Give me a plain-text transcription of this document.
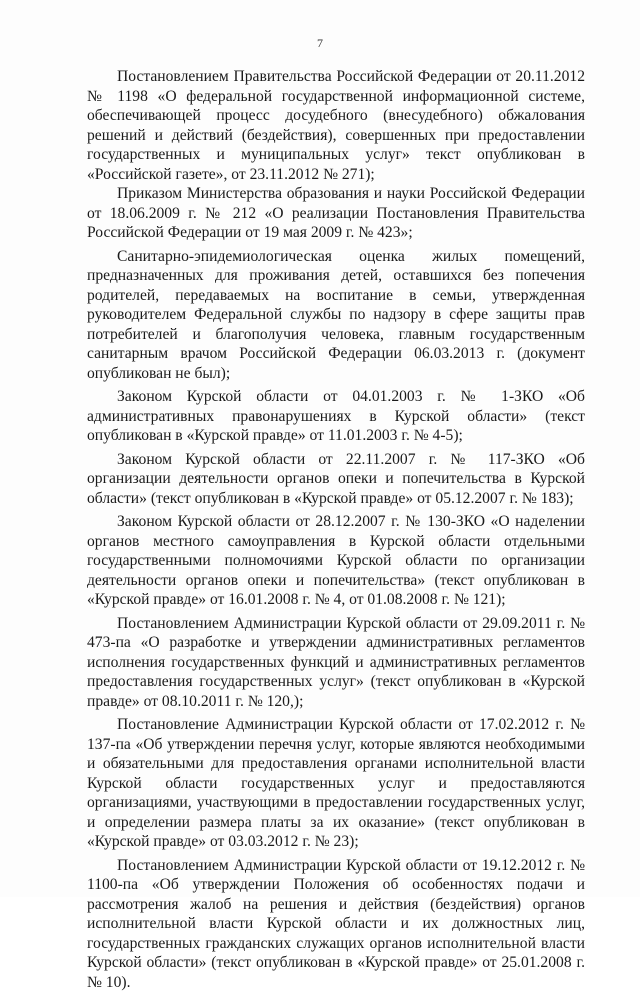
7

Постановлением Правительства Российской Федерации от 20.11.2012 № 1198 «О федеральной государственной информационной системе, обеспечивающей процесс досудебного (внесудебного) обжалования решений и действий (бездействия), совершенных при предоставлении государственных и муниципальных услуг» текст опубликован в «Российской газете», от 23.11.2012 № 271);

Приказом Министерства образования и науки Российской Федерации от 18.06.2009 г. № 212 «О реализации Постановления Правительства Российской Федерации от 19 мая 2009 г. № 423»;

Санитарно-эпидемиологическая оценка жилых помещений, предназначенных для проживания детей, оставшихся без попечения родителей, передаваемых на воспитание в семьи, утвержденная руководителем Федеральной службы по надзору в сфере защиты прав потребителей и благополучия человека, главным государственным санитарным врачом Российской Федерации 06.03.2013 г. (документ опубликован не был);

Законом Курской области от 04.01.2003 г. № 1-ЗКО «Об административных правонарушениях в Курской области» (текст опубликован в «Курской правде» от 11.01.2003 г. № 4-5);

Законом Курской области от 22.11.2007 г. № 117-ЗКО «Об организации деятельности органов опеки и попечительства в Курской области» (текст опубликован в «Курской правде» от 05.12.2007 г. № 183);

Законом Курской области от 28.12.2007 г. № 130-ЗКО «О наделении органов местного самоуправления в Курской области отдельными государственными полномочиями Курской области по организации деятельности органов опеки и попечительства» (текст опубликован в «Курской правде» от 16.01.2008 г. № 4, от 01.08.2008 г. № 121);

Постановлением Администрации Курской области от 29.09.2011 г. № 473-па «О разработке и утверждении административных регламентов исполнения государственных функций и административных регламентов предоставления государственных услуг» (текст опубликован в «Курской правде» от 08.10.2011 г. № 120,);

Постановление Администрации Курской области от 17.02.2012 г. № 137-па «Об утверждении перечня услуг, которые являются необходимыми и обязательными для предоставления органами исполнительной власти Курской области государственных услуг и предоставляются организациями, участвующими в предоставлении государственных услуг, и определении размера платы за их оказание» (текст опубликован в «Курской правде» от 03.03.2012 г. № 23);

Постановлением Администрации Курской области от 19.12.2012 г. № 1100-па «Об утверждении Положения об особенностях подачи и рассмотрения жалоб на решения и действия (бездействия) органов исполнительной власти Курской области и их должностных лиц, государственных гражданских служащих органов исполнительной власти Курской области» (текст опубликован в «Курской правде» от 25.01.2008 г. № 10).
